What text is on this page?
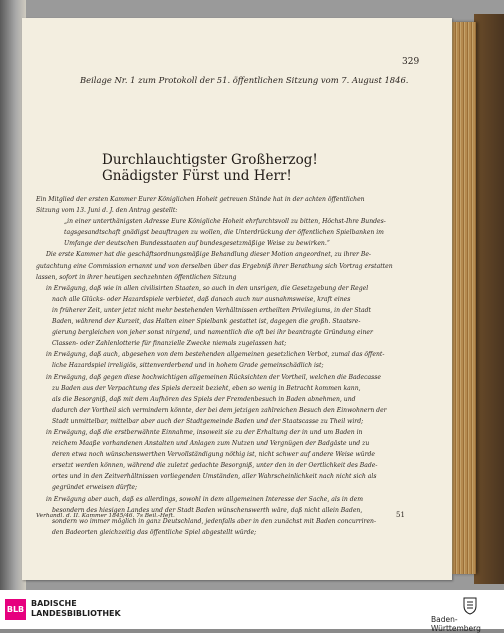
329
Beilage Nr. 1 zum Protokoll der 51. öffentlichen Sitzung vom 7. August 1846.
Durchlauchtigster Großherzog!
Gnädigster Fürst und Herr!
Ein Mitglied der ersten Kammer Eurer Königlichen Hoheit getreuen Stände hat in der achten öffentlichen
Sitzung vom 13. Juni d. J. den Antrag gestellt:
„in einer unterthänigsten Adresse Eure Königliche Hoheit ehrfurchtsvoll zu bitten, Höchst-Ihre Bundes-
tagsgesandtschaft gnädigst beauftragen zu wollen, die Unterdrückung der öffentlichen Spielbanken im
Umfange der deutschen Bundesstaaten auf bundesgesetzmäßige Weise zu bewirken.“
Die erste Kammer hat die geschäftsordnungsmäßige Behandlung dieser Motion angeordnet, zu ihrer Be-
gutachtung eine Commission ernannt und von derselben über das Ergebniß ihrer Berathung sich Vortrag erstatten
lassen, sofort in ihrer heutigen sechzehnten öffentlichen Sitzung
in Erwägung, daß wie in allen civilisirten Staaten, so auch in den unsrigen, die Gesetzgebung der Regel
nach alle Glücks- oder Hazardspiele verbietet, daß danach auch nur ausnahmsweise, kraft eines
in früherer Zeit, unter jetzt nicht mehr bestehenden Verhältnissen ertheilten Privilegiums, in der Stadt
Baden, während der Kurzeit, das Halten einer Spielbank gestattet ist, dagegen die großh. Staatsre-
gierung bergleichen von jeher sonst nirgend, und namentlich die oft bei ihr beantragte Gründung einer
Classen- oder Zahlenlotterie für finanzielle Zwecke niemals zugelassen hat;
in Erwägung, daß auch, abgesehen von dem bestehenden allgemeinen gesetzlichen Verbot, zumal das öffent-
liche Hazardspiel irreligiös, sittenverderbend und in hohem Grade gemeinschädlich ist;
in Erwägung, daß gegen diese hochwichtigen allgemeinen Rücksichten der Vortheil, welchen die Badecasse
zu Baden aus der Verpachtung des Spiels derzeit bezieht, eben so wenig in Betracht kommen kann,
als die Besorgniß, daß mit dem Aufhören des Spiels der Fremdenbesuch in Baden abnehmen, und
dadurch der Vortheil sich vermindern könnte, der bei dem jetzigen zahlreichen Besuch den Einwohnern der
Stadt unmittelbar, mittelbar aber auch der Stadtgemeinde Baden und der Staatscasse zu Theil wird;
in Erwägung, daß die erstberwähnte Einnahme, insoweit sie zu der Erhaltung der in und um Baden in
reichem Maaße vorhandenen Anstalten und Anlagen zum Nutzen und Vergnügen der Badgäste und zu
deren etwa noch wünschenswerthen Vervollständigung nöthig ist, nicht schwer auf andere Weise würde
ersetzt werden können, während die zuletzt gedachte Besorgniß, unter den in der Oertlichkeit des Bade-
ortes und in den Zeitverhältnissen vorliegenden Umständen, aller Wahrscheinlichkeit nach nicht sich als
gegründet erweisen dürfte;
in Erwägung aber auch, daß es allerdings, sowohl in dem allgemeinen Interesse der Sache, als in dem
besondern des hiesigen Landes und der Stadt Baden wünschenswerth wäre, daß nicht allein Baden,
sondern wo immer möglich in ganz Deutschland, jedenfalls aber in den zunächst mit Baden concurriren-
den Badeorten gleichzeitig das öffentliche Spiel abgestellt würde;
Verhandl. d. II. Kammer 1845/46. 7s Beil.-Heft.	51
BLB
BADISCHE
LANDESBIBLIOTHEK
Baden-Württemberg
